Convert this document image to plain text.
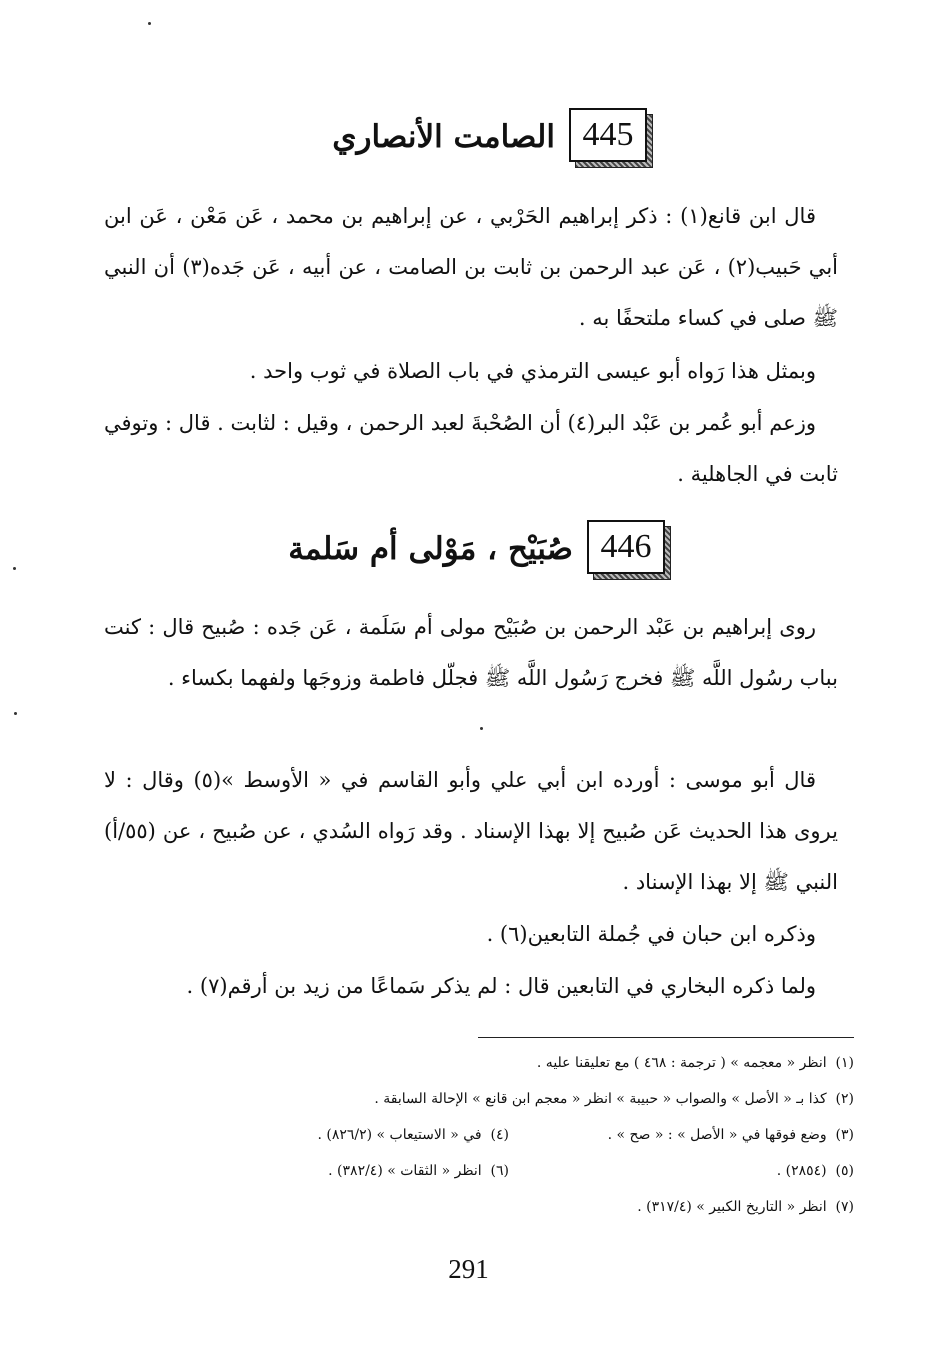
445
الصامت الأنصاري

قال ابن قانع(١) : ذكر إبراهيم الحَرْبي ، عن إبراهيم بن محمد ، عَن مَعْن ، عَن ابن أبي حَبيب(٢) ، عَن عبد الرحمن بن ثابت بن الصامت ، عن أبيه ، عَن جَده(٣) أن النبي ﷺ صلى في كساء ملتحفًا به .

وبمثل هذا رَواه أبو عيسى الترمذي في باب الصلاة في ثوب واحد .

وزعم أبو عُمر بن عَبْد البر(٤) أن الصُحْبةَ لعبد الرحمن ، وقيل : لثابت . قال : وتوفي ثابت في الجاهلية .

446
صُبَيْح ، مَوْلى أم سَلمة

روى إبراهيم بن عَبْد الرحمن بن صُبَيْح مولى أم سَلَمة ، عَن جَده : صُبيح قال : كنت بباب رسُول اللَّه ﷺ فخرج رَسُول اللَّه ﷺ فجلّل فاطمة وزوجَها ولفهما بكساء .

قال أبو موسى : أورده ابن أبي علي وأبو القاسم في « الأوسط »(٥) وقال : لا يروى هذا الحديث عَن صُبيح إلا بهذا الإسناد . وقد رَواه السُدي ، عن صُبيح ، عن (٥٥/أ) النبي ﷺ إلا بهذا الإسناد .

وذكره ابن حبان في جُملة التابعين(٦) .

ولما ذكره البخاري في التابعين قال : لم يذكر سَماعًا من زيد بن أرقم(٧) .

(١)

انظر « معجمه » ( ترجمة : ٤٦٨ ) مع تعليقنا عليه .
(٢)

كذا بـ « الأصل » والصواب « حبيبة » انظر « معجم ابن قانع » الإحالة السابقة .
(٣)  وضع فوقها في « الأصل » : « صح » .
(٤)  في « الاستيعاب » (٨٢٦/٢) .
(٥)  (٢٨٥٤) .
(٦)  انظر « الثقات » (٣٨٢/٤) .
(٧)

انظر « التاريخ الكبير » (٣١٧/٤) .
291
